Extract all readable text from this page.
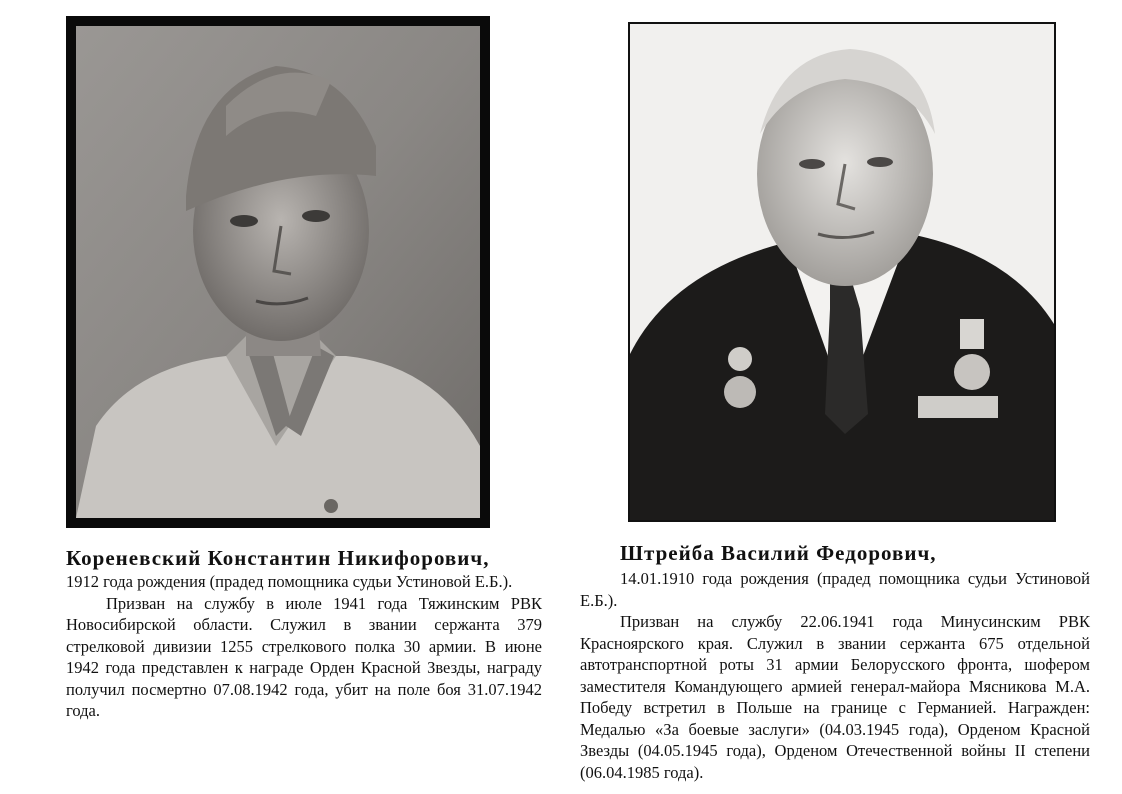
Кореневский Константин Никифорович,

1912 года рождения (прадед помощника судьи Устиновой Е.Б.).

Призван на службу в июле 1941 года Тяжинским РВК Новосибирской области. Служил в звании сержанта 379 стрелковой дивизии 1255 стрелкового полка 30 армии. В июне 1942 года представлен к награде Орден Красной Звезды, награду получил посмертно 07.08.1942 года, убит на поле боя 31.07.1942 года.

Штрейба Василий Федорович,

14.01.1910 года рождения (прадед помощника судьи Устиновой Е.Б.).

Призван на службу 22.06.1941 года Минусинским РВК Красноярского края. Служил в звании сержанта 675 отдельной автотранспортной роты 31 армии Белорусского фронта, шофером заместителя Командующего армией генерал-майора Мясникова М.А. Победу встретил в Польше на границе с Германией. Награжден: Медалью «За боевые заслуги» (04.03.1945 года), Орденом Красной Звезды (04.05.1945 года), Орденом Отечественной войны II степени (06.04.1985 года).
